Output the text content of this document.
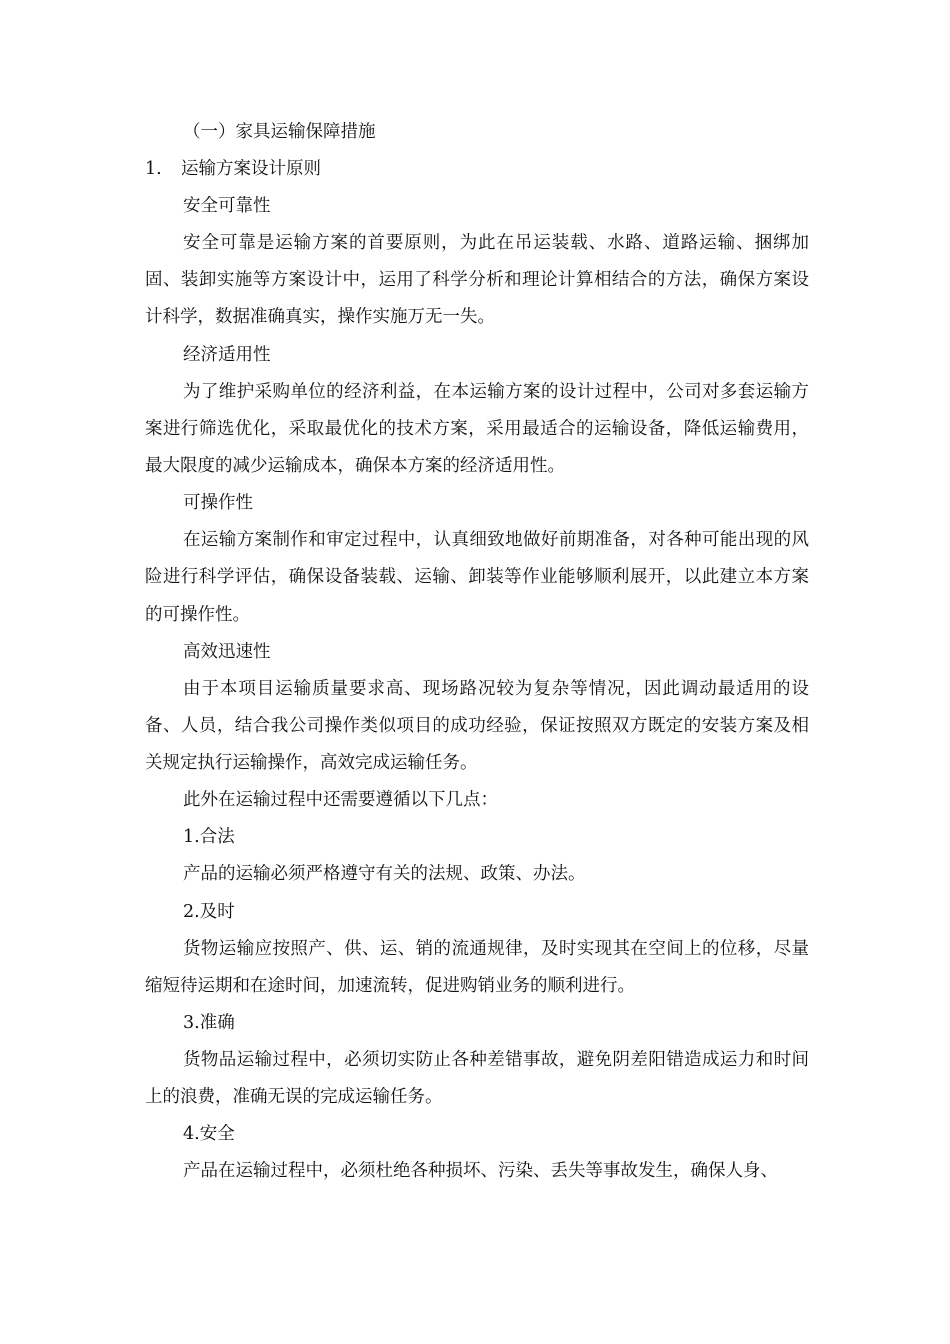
（一）家具运输保障措施

1.	运输方案设计原则

安全可靠性

安全可靠是运输方案的首要原则，为此在吊运装载、水路、道路运输、捆绑加固、装卸实施等方案设计中，运用了科学分析和理论计算相结合的方法，确保方案设计科学，数据准确真实，操作实施万无一失。

经济适用性

为了维护采购单位的经济利益，在本运输方案的设计过程中，公司对多套运输方案进行筛选优化，采取最优化的技术方案，采用最适合的运输设备，降低运输费用，最大限度的减少运输成本，确保本方案的经济适用性。

可操作性

在运输方案制作和审定过程中，认真细致地做好前期准备，对各种可能出现的风险进行科学评估，确保设备装载、运输、卸装等作业能够顺利展开，以此建立本方案的可操作性。

高效迅速性

由于本项目运输质量要求高、现场路况较为复杂等情况，因此调动最适用的设备、人员，结合我公司操作类似项目的成功经验，保证按照双方既定的安装方案及相关规定执行运输操作，高效完成运输任务。

此外在运输过程中还需要遵循以下几点：

1.合法

产品的运输必须严格遵守有关的法规、政策、办法。

2.及时

货物运输应按照产、供、运、销的流通规律，及时实现其在空间上的位移，尽量缩短待运期和在途时间，加速流转，促进购销业务的顺利进行。

3.准确

货物品运输过程中，必须切实防止各种差错事故，避免阴差阳错造成运力和时间上的浪费，准确无误的完成运输任务。

4.安全

产品在运输过程中，必须杜绝各种损坏、污染、丢失等事故发生，确保人身、
